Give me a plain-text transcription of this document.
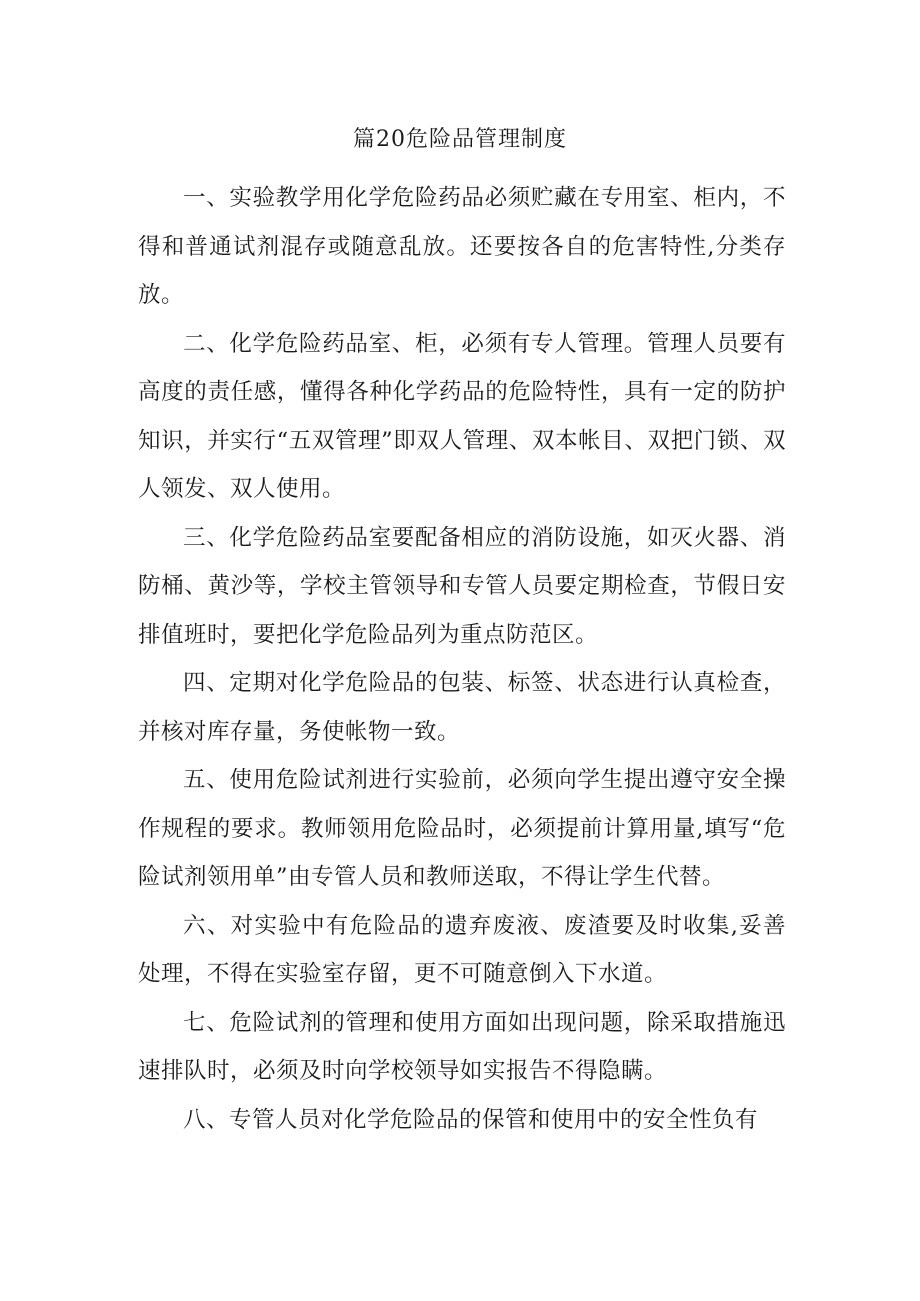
篇20危险品管理制度

一、实验教学用化学危险药品必须贮藏在专用室、柜内，不得和普通试剂混存或随意乱放。还要按各自的危害特性,分类存放。

二、化学危险药品室、柜，必须有专人管理。管理人员要有高度的责任感，懂得各种化学药品的危险特性，具有一定的防护知识，并实行“五双管理”即双人管理、双本帐目、双把门锁、双人领发、双人使用。

三、化学危险药品室要配备相应的消防设施，如灭火器、消防桶、黄沙等，学校主管领导和专管人员要定期检查，节假日安排值班时，要把化学危险品列为重点防范区。

四、定期对化学危险品的包装、标签、状态进行认真检查，并核对库存量，务使帐物一致。

五、使用危险试剂进行实验前，必须向学生提出遵守安全操作规程的要求。教师领用危险品时，必须提前计算用量,填写“危险试剂领用单”由专管人员和教师送取，不得让学生代替。

六、对实验中有危险品的遗弃废液、废渣要及时收集,妥善处理，不得在实验室存留，更不可随意倒入下水道。

七、危险试剂的管理和使用方面如出现问题，除采取措施迅速排队时，必须及时向学校领导如实报告不得隐瞒。

八、专管人员对化学危险品的保管和使用中的安全性负有
